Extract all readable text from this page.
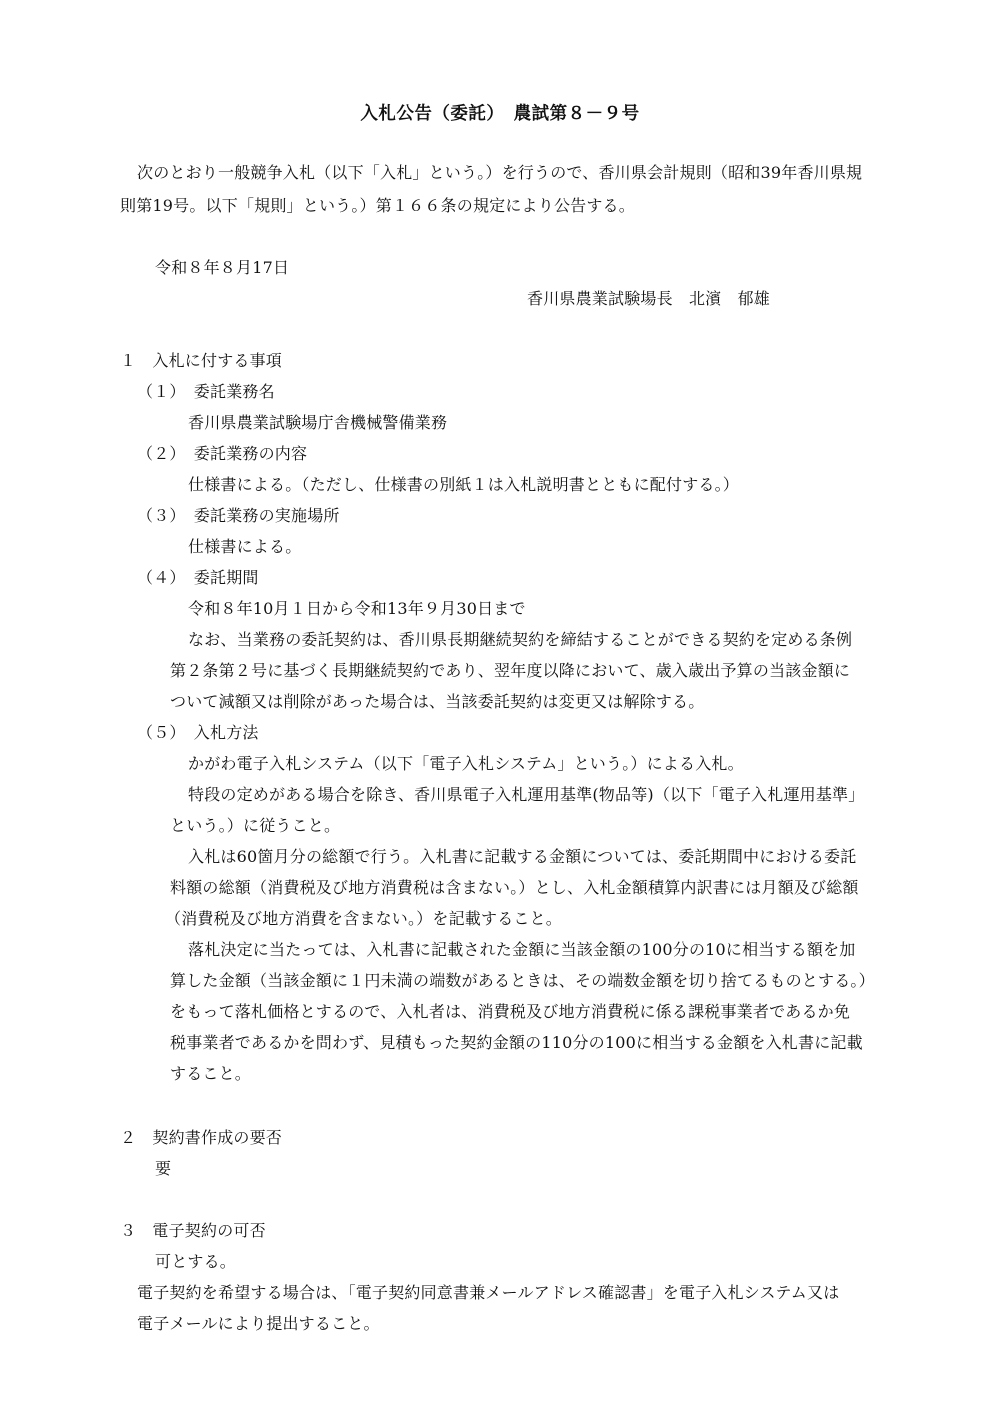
入札公告（委託）　農試第８－９号
次のとおり一般競争入札（以下「入札」という。）を行うので、香川県会計規則（昭和39年香川県規
則第19号。以下「規則」という。）第１６６条の規定により公告する。
令和８年８月17日
香川県農業試験場長　北濱　郁雄
１　入札に付する事項
（１）　委託業務名
香川県農業試験場庁舎機械警備業務
（２）　委託業務の内容
仕様書による。（ただし、仕様書の別紙１は入札説明書とともに配付する。）
（３）　委託業務の実施場所
仕様書による。
（４）　委託期間
令和８年10月１日から令和13年９月30日まで
なお、当業務の委託契約は、香川県長期継続契約を締結することができる契約を定める条例
第２条第２号に基づく長期継続契約であり、翌年度以降において、歳入歳出予算の当該金額に
ついて減額又は削除があった場合は、当該委託契約は変更又は解除する。
（５）　入札方法
かがわ電子入札システム（以下「電子入札システム」という。）による入札。
特段の定めがある場合を除き、香川県電子入札運用基準(物品等)（以下「電子入札運用基準」
という。）に従うこと。
入札は60箇月分の総額で行う。入札書に記載する金額については、委託期間中における委託
料額の総額（消費税及び地方消費税は含まない。）とし、入札金額積算内訳書には月額及び総額
（消費税及び地方消費を含まない。）を記載すること。
落札決定に当たっては、入札書に記載された金額に当該金額の100分の10に相当する額を加
算した金額（当該金額に１円未満の端数があるときは、その端数金額を切り捨てるものとする。）
をもって落札価格とするので、入札者は、消費税及び地方消費税に係る課税事業者であるか免
税事業者であるかを問わず、見積もった契約金額の110分の100に相当する金額を入札書に記載
すること。
２　契約書作成の要否
要
３　電子契約の可否
可とする。
電子契約を希望する場合は、「電子契約同意書兼メールアドレス確認書」を電子入札システム又は
電子メールにより提出すること。
